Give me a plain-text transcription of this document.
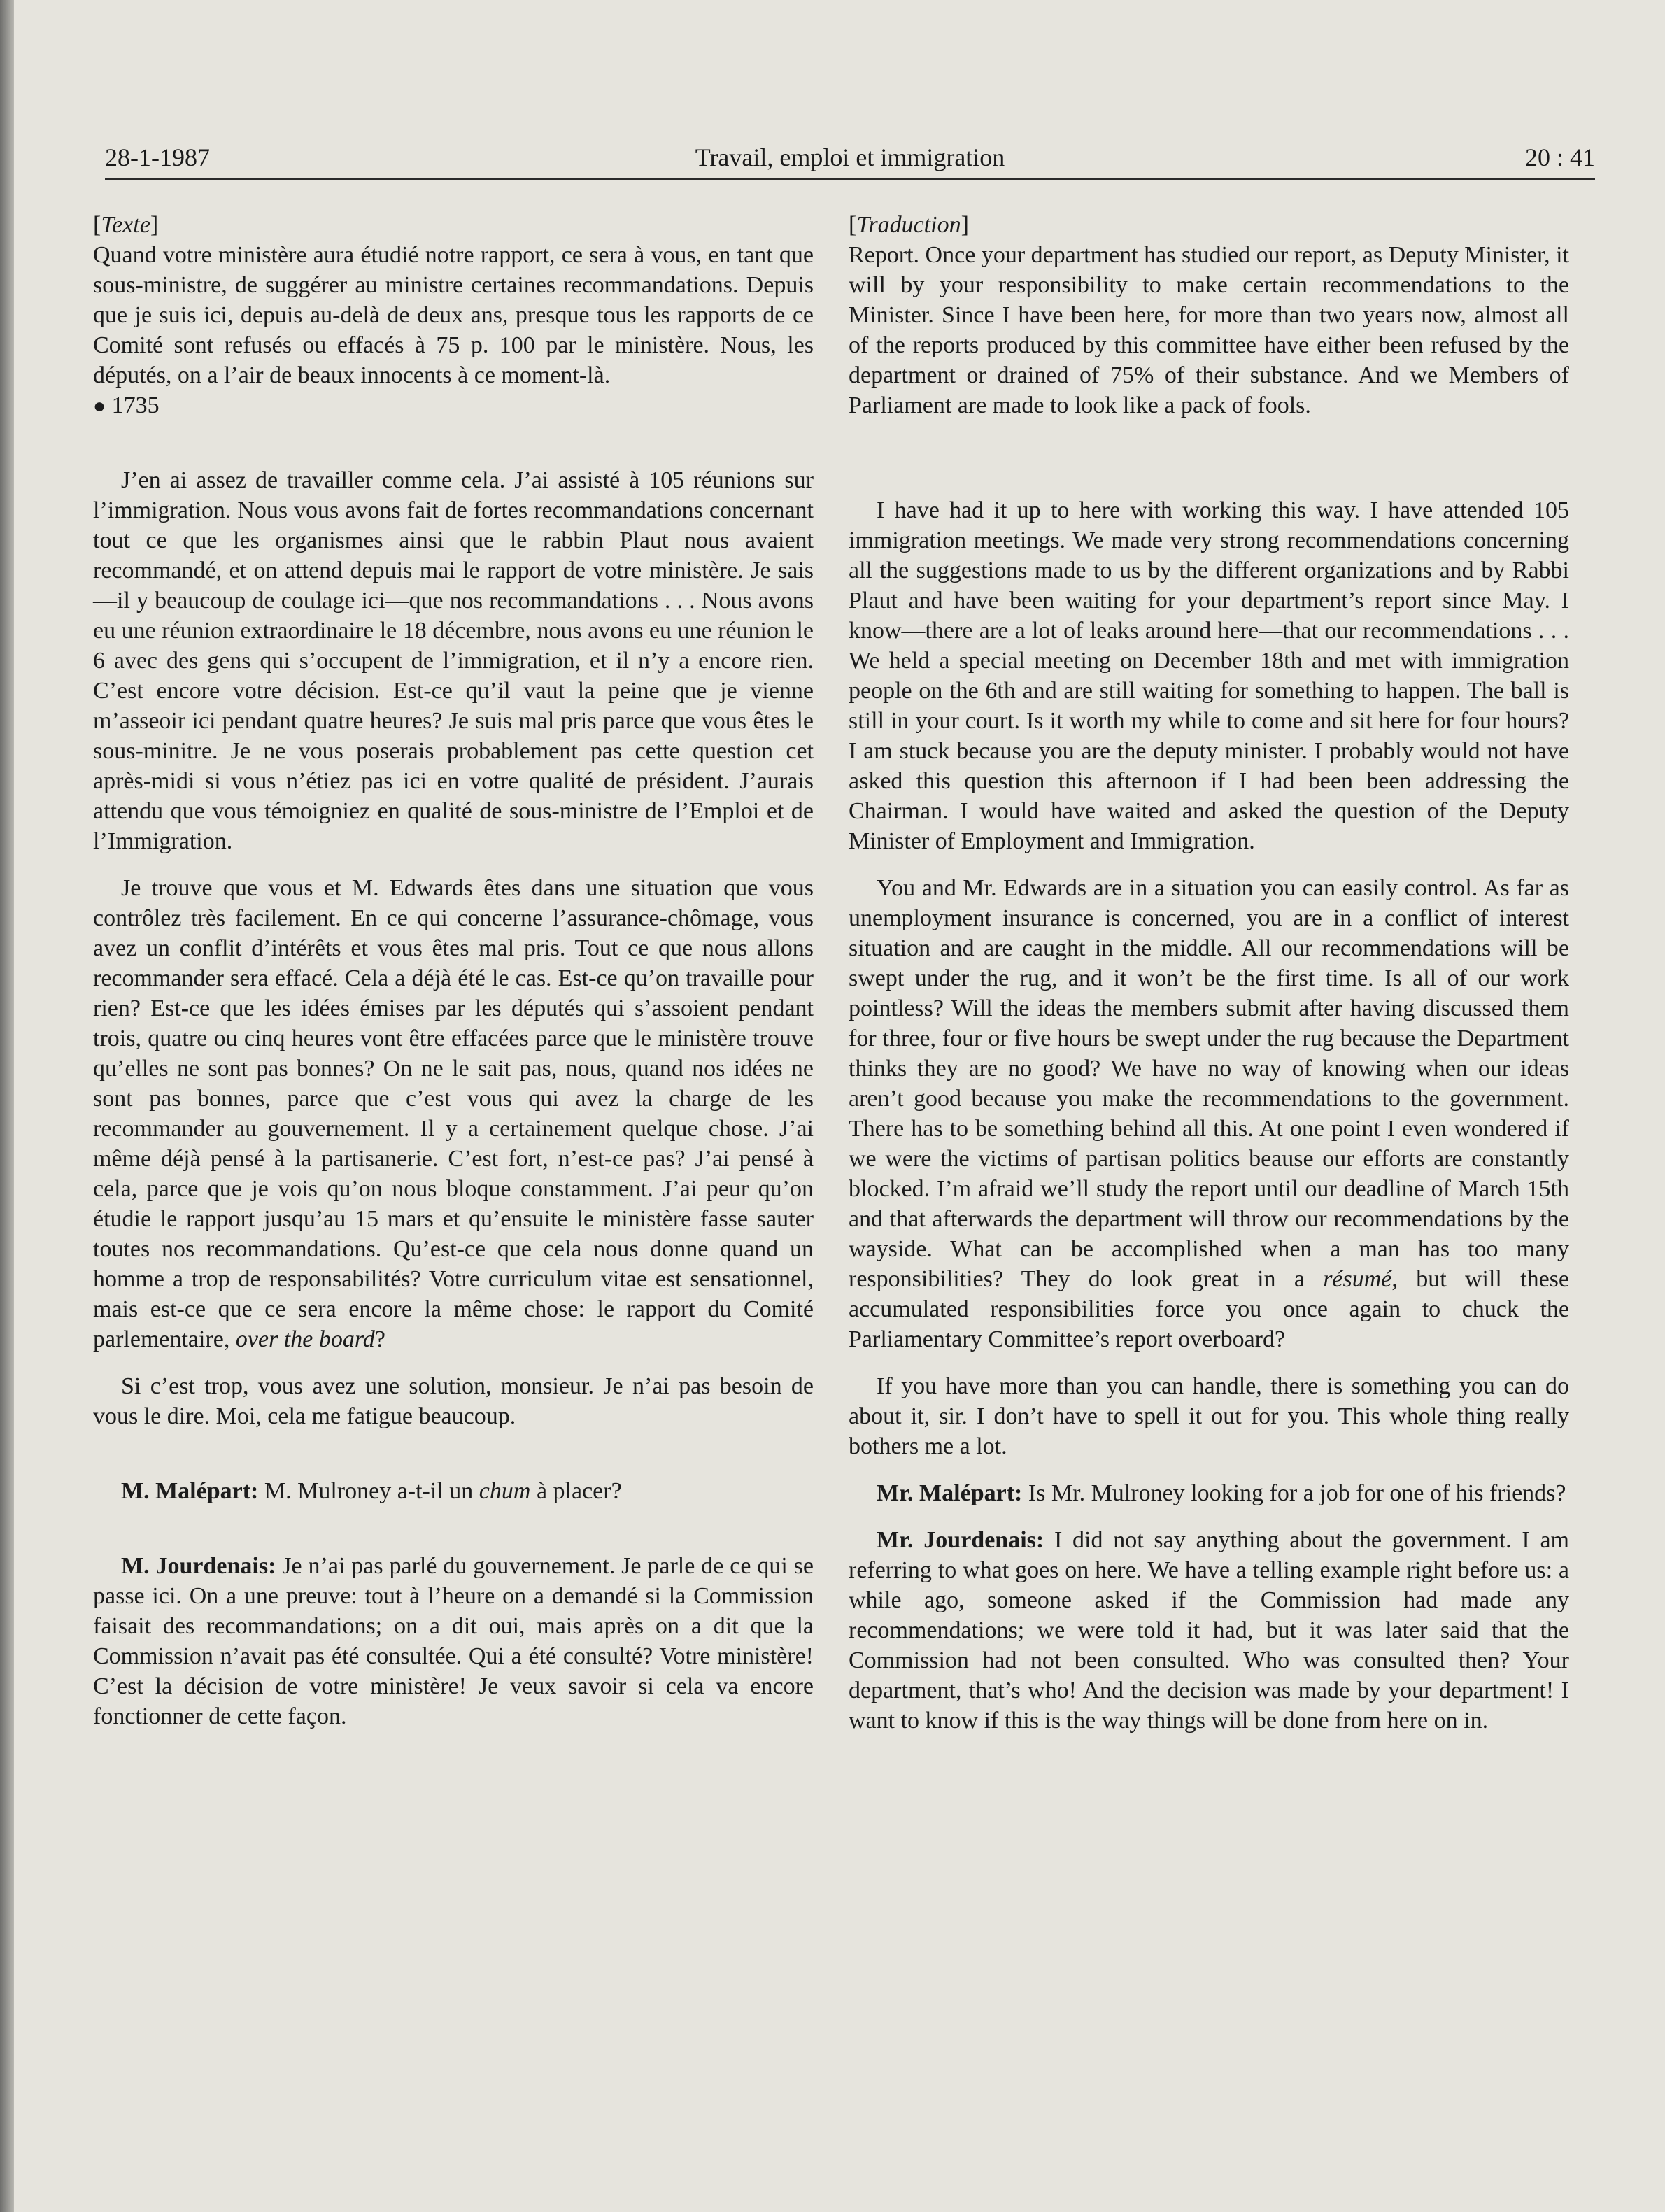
28-1-1987	Travail, emploi et immigration	20 : 41

[Texte]

Quand votre ministère aura étudié notre rapport, ce sera à vous, en tant que sous-ministre, de suggérer au ministre certaines recommandations. Depuis que je suis ici, depuis au-delà de deux ans, presque tous les rapports de ce Comité sont refusés ou effacés à 75 p. 100 par le ministère. Nous, les députés, on a l’air de beaux innocents à ce moment-là.

● 1735

J’en ai assez de travailler comme cela. J’ai assisté à 105 réunions sur l’immigration. Nous vous avons fait de fortes recommandations concernant tout ce que les organismes ainsi que le rabbin Plaut nous avaient recommandé, et on attend depuis mai le rapport de votre ministère. Je sais—il y beaucoup de coulage ici—que nos recommandations . . . Nous avons eu une réunion extraordinaire le 18 décembre, nous avons eu une réunion le 6 avec des gens qui s’occupent de l’immigration, et il n’y a encore rien. C’est encore votre décision. Est-ce qu’il vaut la peine que je vienne m’asseoir ici pendant quatre heures? Je suis mal pris parce que vous êtes le sous-minitre. Je ne vous poserais probablement pas cette question cet après-midi si vous n’étiez pas ici en votre qualité de président. J’aurais attendu que vous témoigniez en qualité de sous-ministre de l’Emploi et de l’Immigration.

Je trouve que vous et M. Edwards êtes dans une situation que vous contrôlez très facilement. En ce qui concerne l’assurance-chômage, vous avez un conflit d’intérêts et vous êtes mal pris. Tout ce que nous allons recommander sera effacé. Cela a déjà été le cas. Est-ce qu’on travaille pour rien? Est-ce que les idées émises par les députés qui s’assoient pendant trois, quatre ou cinq heures vont être effacées parce que le ministère trouve qu’elles ne sont pas bonnes? On ne le sait pas, nous, quand nos idées ne sont pas bonnes, parce que c’est vous qui avez la charge de les recommander au gouvernement. Il y a certainement quelque chose. J’ai même déjà pensé à la partisanerie. C’est fort, n’est-ce pas? J’ai pensé à cela, parce que je vois qu’on nous bloque constamment. J’ai peur qu’on étudie le rapport jusqu’au 15 mars et qu’ensuite le ministère fasse sauter toutes nos recommandations. Qu’est-ce que cela nous donne quand un homme a trop de responsabilités? Votre curriculum vitae est sensationnel, mais est-ce que ce sera encore la même chose: le rapport du Comité parlementaire, over the board?

Si c’est trop, vous avez une solution, monsieur. Je n’ai pas besoin de vous le dire. Moi, cela me fatigue beaucoup.

M. Malépart: M. Mulroney a-t-il un chum à placer?

M. Jourdenais: Je n’ai pas parlé du gouvernement. Je parle de ce qui se passe ici. On a une preuve: tout à l’heure on a demandé si la Commission faisait des recommandations; on a dit oui, mais après on a dit que la Commission n’avait pas été consultée. Qui a été consulté? Votre ministère! C’est la décision de votre ministère! Je veux savoir si cela va encore fonctionner de cette façon.

[Traduction]

Report. Once your department has studied our report, as Deputy Minister, it will by your responsibility to make certain recommendations to the Minister. Since I have been here, for more than two years now, almost all of the reports produced by this committee have either been refused by the department or drained of 75% of their substance. And we Members of Parliament are made to look like a pack of fools.

I have had it up to here with working this way. I have attended 105 immigration meetings. We made very strong recommendations concerning all the suggestions made to us by the different organizations and by Rabbi Plaut and have been waiting for your department’s report since May. I know—there are a lot of leaks around here—that our recommendations . . . We held a special meeting on December 18th and met with immigration people on the 6th and are still waiting for something to happen. The ball is still in your court. Is it worth my while to come and sit here for four hours? I am stuck because you are the deputy minister. I probably would not have asked this question this afternoon if I had been been addressing the Chairman. I would have waited and asked the question of the Deputy Minister of Employment and Immigration.

You and Mr. Edwards are in a situation you can easily control. As far as unemployment insurance is concerned, you are in a conflict of interest situation and are caught in the middle. All our recommendations will be swept under the rug, and it won’t be the first time. Is all of our work pointless? Will the ideas the members submit after having discussed them for three, four or five hours be swept under the rug because the Department thinks they are no good? We have no way of knowing when our ideas aren’t good because you make the recommendations to the government. There has to be something behind all this. At one point I even wondered if we were the victims of partisan politics beause our efforts are constantly blocked. I’m afraid we’ll study the report until our deadline of March 15th and that afterwards the department will throw our recommendations by the wayside. What can be accomplished when a man has too many responsibilities? They do look great in a résumé, but will these accumulated responsibilities force you once again to chuck the Parliamentary Committee’s report overboard?

If you have more than you can handle, there is something you can do about it, sir. I don’t have to spell it out for you. This whole thing really bothers me a lot.

Mr. Malépart: Is Mr. Mulroney looking for a job for one of his friends?

Mr. Jourdenais: I did not say anything about the government. I am referring to what goes on here. We have a telling example right before us: a while ago, someone asked if the Commission had made any recommendations; we were told it had, but it was later said that the Commission had not been consulted. Who was consulted then? Your department, that’s who! And the decision was made by your department! I want to know if this is the way things will be done from here on in.
